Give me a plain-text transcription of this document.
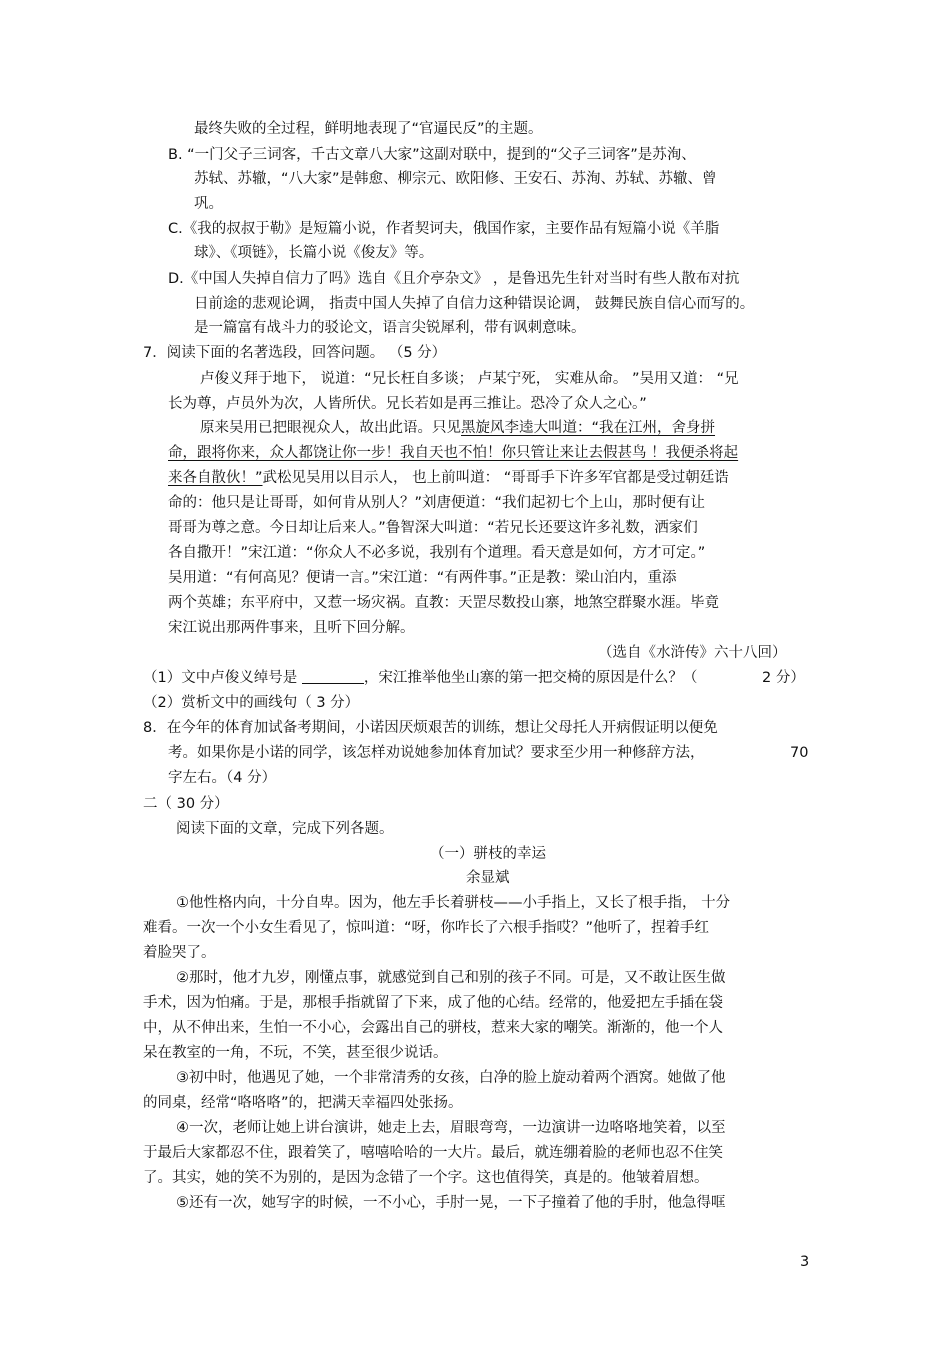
最终失败的全过程，鲜明地表现了“官逼民反”的主题。

B. “一门父子三词客，千古文章八大家”这副对联中，提到的“父子三词客”是苏洵、

苏轼、苏辙，“八大家”是韩愈、柳宗元、欧阳修、王安石、苏洵、苏轼、苏辙、曾

巩。

C.《我的叔叔于勒》是短篇小说，作者契诃夫，俄国作家，主要作品有短篇小说《羊脂

球》、《项链》，长篇小说《俊友》等。

D.《中国人失掉自信力了吗》选自《且介亭杂文》 ，是鲁迅先生针对当时有些人散布对抗

日前途的悲观论调， 指责中国人失掉了自信力这种错误论调， 鼓舞民族自信心而写的。

是一篇富有战斗力的驳论文，语言尖锐犀利，带有讽刺意味。

7．阅读下面的名著选段，回答问题。 （5 分）

卢俊义拜于地下， 说道：“兄长枉自多谈； 卢某宁死， 实难从命。 ”吴用又道： “兄

长为尊，卢员外为次，人皆所伏。兄长若如是再三推让。恐冷了众人之心。”

原来吴用已把眼视众人，故出此语。只见黑旋风李逵大叫道：“我在江州，舍身拼

命，跟将你来，众人都饶让你一步！我自天也不怕！你只管让来让去假甚鸟 ！我便杀将起

来各自散伙！”武松见吴用以目示人， 也上前叫道： “哥哥手下许多军官都是受过朝廷诰

命的：他只是让哥哥，如何肯从别人？”刘唐便道：“我们起初七个上山，那时便有让

哥哥为尊之意。今日却让后来人。”鲁智深大叫道：“若兄长还要这许多礼数，洒家们

各自撒开！”宋江道：“你众人不必多说，我别有个道理。看天意是如何，方才可定。”

吴用道：“有何高见？便请一言。”宋江道：“有两件事。”正是教：梁山泊内，重添

两个英雄；东平府中，又惹一场灾祸。直教：天罡尽数投山寨，地煞空群聚水涯。毕竟

宋江说出那两件事来，且听下回分解。

（选自《水浒传》六十八回）

（1）文中卢俊义绰号是	，宋江推举他坐山寨的第一把交椅的原因是什么？（	2 分）

（2）赏析文中的画线句（ 3 分）

8．在今年的体育加试备考期间，小诺因厌烦艰苦的训练，想让父母托人开病假证明以便免

考。如果你是小诺的同学，该怎样劝说她参加体育加试？要求至少用一种修辞方法，	70

字左右。（4 分）

二（ 30 分）

阅读下面的文章，完成下列各题。

（一）骈枝的幸运

余显斌

①他性格内向，十分自卑。因为，他左手长着骈枝——小手指上，又长了根手指， 十分

难看。一次一个小女生看见了，惊叫道：“呀，你咋长了六根手指哎？”他听了，捏着手红

着脸哭了。

②那时，他才九岁，刚懂点事，就感觉到自己和别的孩子不同。可是，又不敢让医生做

手术，因为怕痛。于是，那根手指就留了下来，成了他的心结。经常的，他爱把左手插在袋

中，从不伸出来，生怕一不小心，会露出自己的骈枝，惹来大家的嘲笑。渐渐的，他一个人

呆在教室的一角，不玩，不笑，甚至很少说话。

③初中时，他遇见了她，一个非常清秀的女孩，白净的脸上旋动着两个酒窝。她做了他

的同桌，经常“咯咯咯”的，把满天幸福四处张扬。

④一次，老师让她上讲台演讲，她走上去，眉眼弯弯，一边演讲一边咯咯地笑着，以至

于最后大家都忍不住，跟着笑了，嘻嘻哈哈的一大片。最后，就连绷着脸的老师也忍不住笑

了。其实，她的笑不为别的，是因为念错了一个字。这也值得笑，真是的。他皱着眉想。

⑤还有一次，她写字的时候，一不小心，手肘一晃，一下子撞着了他的手肘，他急得哐

3
